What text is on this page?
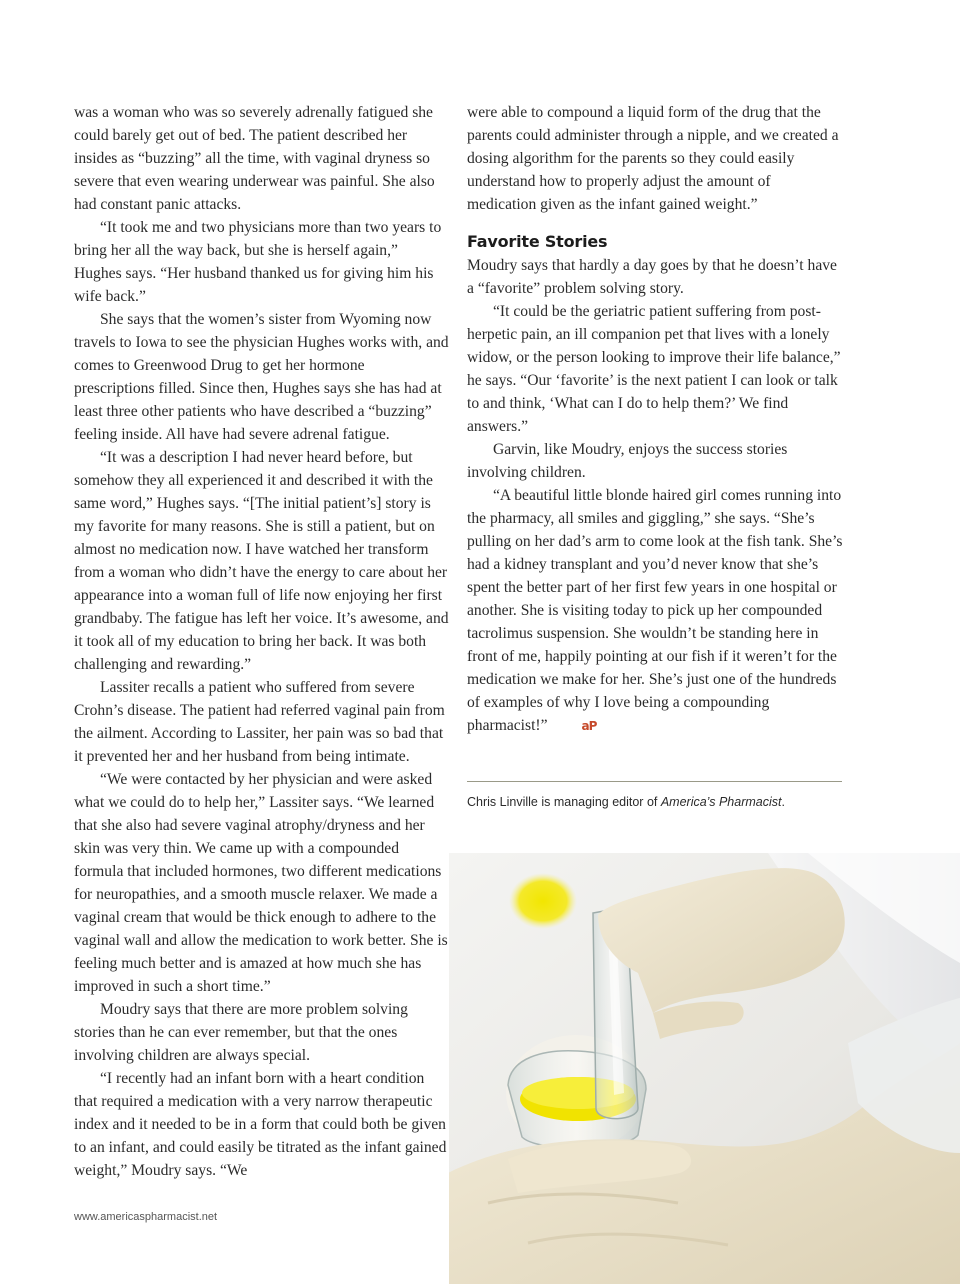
was a woman who was so severely adrenally fatigued she could barely get out of bed. The patient described her insides as “buzzing” all the time, with vaginal dryness so severe that even wearing underwear was painful. She also had constant panic attacks.

“It took me and two physicians more than two years to bring her all the way back, but she is herself again,” Hughes says. “Her husband thanked us for giving him his wife back.”

She says that the women’s sister from Wyoming now travels to Iowa to see the physician Hughes works with, and comes to Greenwood Drug to get her hormone prescriptions filled. Since then, Hughes says she has had at least three other patients who have described a “buzzing” feeling inside. All have had severe adrenal fatigue.

“It was a description I had never heard before, but somehow they all experienced it and described it with the same word,” Hughes says. “[The initial patient’s] story is my favorite for many reasons. She is still a patient, but on almost no medication now. I have watched her transform from a woman who didn’t have the energy to care about her appearance into a woman full of life now enjoying her first grandbaby. The fatigue has left her voice. It’s awesome, and it took all of my education to bring her back. It was both challenging and rewarding.”

Lassiter recalls a patient who suffered from severe Crohn’s disease. The patient had referred vaginal pain from the ailment. According to Lassiter, her pain was so bad that it prevented her and her husband from being intimate.

“We were contacted by her physician and were asked what we could do to help her,” Lassiter says. “We learned that she also had severe vaginal atrophy/dryness and her skin was very thin. We came up with a compounded formula that included hormones, two different medications for neuropathies, and a smooth muscle relaxer. We made a vaginal cream that would be thick enough to adhere to the vaginal wall and allow the medication to work better. She is feeling much better and is amazed at how much she has improved in such a short time.”

Moudry says that there are more problem solving stories than he can ever remember, but that the ones involving children are always special.

“I recently had an infant born with a heart condition that required a medication with a very narrow therapeutic index and it needed to be in a form that could both be given to an infant, and could easily be titrated as the infant gained weight,” Moudry says. “We

were able to compound a liquid form of the drug that the parents could administer through a nipple, and we created a dosing algorithm for the parents so they could easily understand how to properly adjust the amount of medication given as the infant gained weight.”

Favorite Stories

Moudry says that hardly a day goes by that he doesn’t have a “favorite” problem solving story.

“It could be the geriatric patient suffering from post-herpetic pain, an ill companion pet that lives with a lonely widow, or the person looking to improve their life balance,” he says. “Our ‘favorite’ is the next patient I can look or talk to and think, ‘What can I do to help them?’ We find answers.”

Garvin, like Moudry, enjoys the success stories involving children.

“A beautiful little blonde haired girl comes running into the pharmacy, all smiles and giggling,” she says. “She’s pulling on her dad’s arm to come look at the fish tank. She’s had a kidney transplant and you’d never know that she’s spent the better part of her first few years in one hospital or another. She is visiting today to pick up her compounded tacrolimus suspension. She wouldn’t be standing here in front of me, happily pointing at our fish if it weren’t for the medication we make for her. She’s just one of the hundreds of examples of why I love being a compounding pharmacist!”	aP

Chris Linville is managing editor of America’s Pharmacist.
www.americaspharmacist.net
